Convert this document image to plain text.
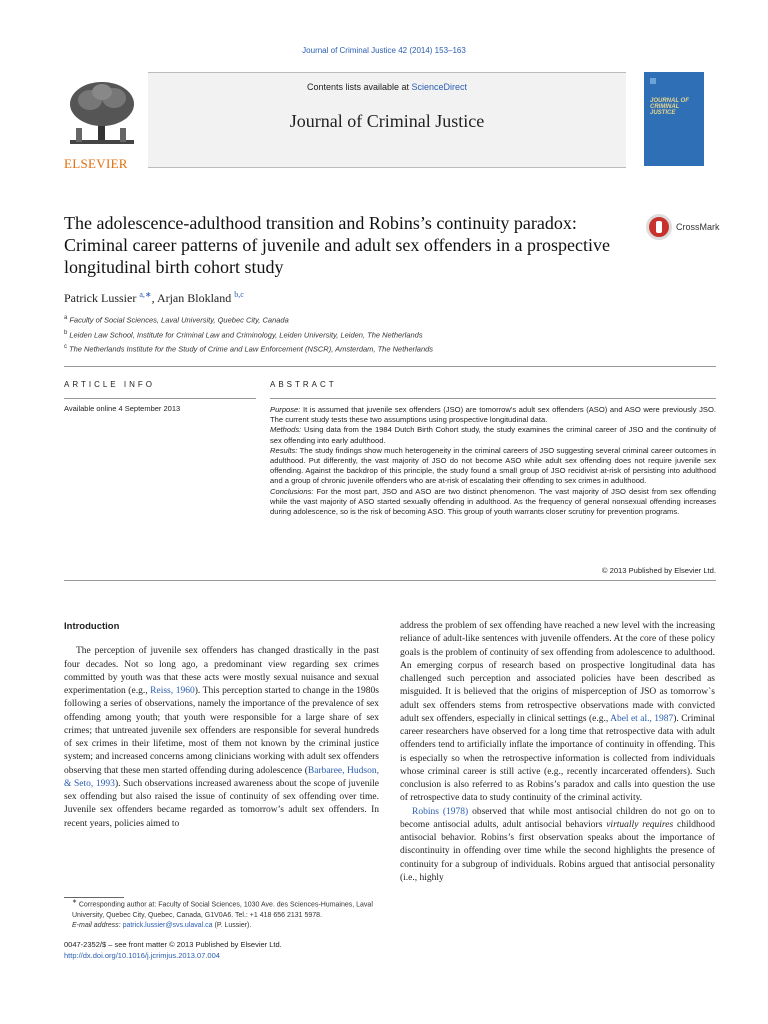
Journal of Criminal Justice 42 (2014) 153–163
ELSEVIER
Contents lists available at ScienceDirect
Journal of Criminal Justice
JOURNAL OF CRIMINAL JUSTICE
The adolescence-adulthood transition and Robins’s continuity paradox: Criminal career patterns of juvenile and adult sex offenders in a prospective longitudinal birth cohort study
CrossMark
Patrick Lussier $^{a,∗}$, Arjan Blokland $^{b,c}$
$^a$ Faculty of Social Sciences, Laval University, Quebec City, Canada
$^b$ Leiden Law School, Institute for Criminal Law and Criminology, Leiden University, Leiden, The Netherlands
$^c$ The Netherlands Institute for the Study of Crime and Law Enforcement (NSCR), Amsterdam, The Netherlands
ARTICLE INFO	ABSTRACT
Available online 4 September 2013	Purpose: It is assumed that juvenile sex offenders (JSO) are tomorrow's adult sex offenders (ASO) and ASO were previously JSO. The current study tests these two assumptions using prospective longitudinal data.

Methods: Using data from the 1984 Dutch Birth Cohort study, the study examines the criminal career of JSO and the continuity of sex offending into early adulthood.

Results: The study findings show much heterogeneity in the criminal careers of JSO suggesting several criminal career outcomes in adulthood. Put differently, the vast majority of JSO do not become ASO while adult sex offending does not require juvenile sex offending. Against the backdrop of this principle, the study found a small group of JSO recidivist at-risk of persisting into adulthood and a group of chronic juvenile offenders who are at-risk of escalating their offending to sex crimes in adulthood.

Conclusions: For the most part, JSO and ASO are two distinct phenomenon. The vast majority of JSO desist from sex offending while the vast majority of ASO started sexually offending in adulthood. As the frequency of general nonsexual offending increases during adolescence, so is the risk of becoming ASO. This group of youth warrants closer scrutiny for prevention programs.

© 2013 Published by Elsevier Ltd.
Introduction

The perception of juvenile sex offenders has changed drastically in the past four decades. Not so long ago, a predominant view regarding sex crimes committed by youth was that these acts were mostly sexual nuisance and sexual experimentation (e.g., Reiss, 1960). This perception started to change in the 1980s following a series of observations, namely the importance of the prevalence of sex offending among youth; that youth were responsible for a large share of sex crimes; that untreated juvenile sex offenders are responsible for several hundreds of sex crimes in their lifetime, most of them not known by the criminal justice system; and increased concerns among clinicians working with adult sex offenders observing that these men started offending during adolescence (Barbaree, Hudson, & Seto, 1993). Such observations increased awareness about the scope of juvenile sex offending but also raised the issue of continuity of sex offending over time. Juvenile sex offenders became regarded as tomorrow’s adult sex offenders. In recent years, policies aimed to

address the problem of sex offending have reached a new level with the increasing reliance of adult-like sentences with juvenile offenders. At the core of these policy goals is the problem of continuity of sex offending from adolescence to adulthood. An emerging corpus of research based on prospective longitudinal data has challenged such perception and associated policies have been described as misguided. It is believed that the origins of misperception of JSO as tomorrow`s adult sex offenders stems from retrospective observations made with convicted adult sex offenders, especially in clinical settings (e.g., Abel et al., 1987). Criminal career researchers have observed for a long time that retrospective data with adult offenders tend to artificially inflate the importance of continuity in offending. This is especially so when the retrospective information is collected from individuals whose criminal career is still active (e.g., recently incarcerated offenders). Such conclusion is also referred to as Robins’s paradox and calls into question the use of retrospective data to study continuity of the criminal activity.

Robins (1978) observed that while most antisocial children do not go on to become antisocial adults, adult antisocial behaviors virtually requires childhood antisocial behavior. Robins’s first observation speaks about the importance of discontinuity in offending over time while the second highlights the presence of continuity for a subgroup of individuals. Robins argued that antisocial personality (i.e., highly

∗ Corresponding author at: Faculty of Social Sciences, 1030 Ave. des Sciences-Humaines, Laval University, Quebec City, Quebec, Canada, G1V0A6. Tel.: +1 418 656 2131 5978.
E-mail address: patrick.lussier@svs.ulaval.ca (P. Lussier).
0047-2352/$ – see front matter © 2013 Published by Elsevier Ltd.
http://dx.doi.org/10.1016/j.jcrimjus.2013.07.004
